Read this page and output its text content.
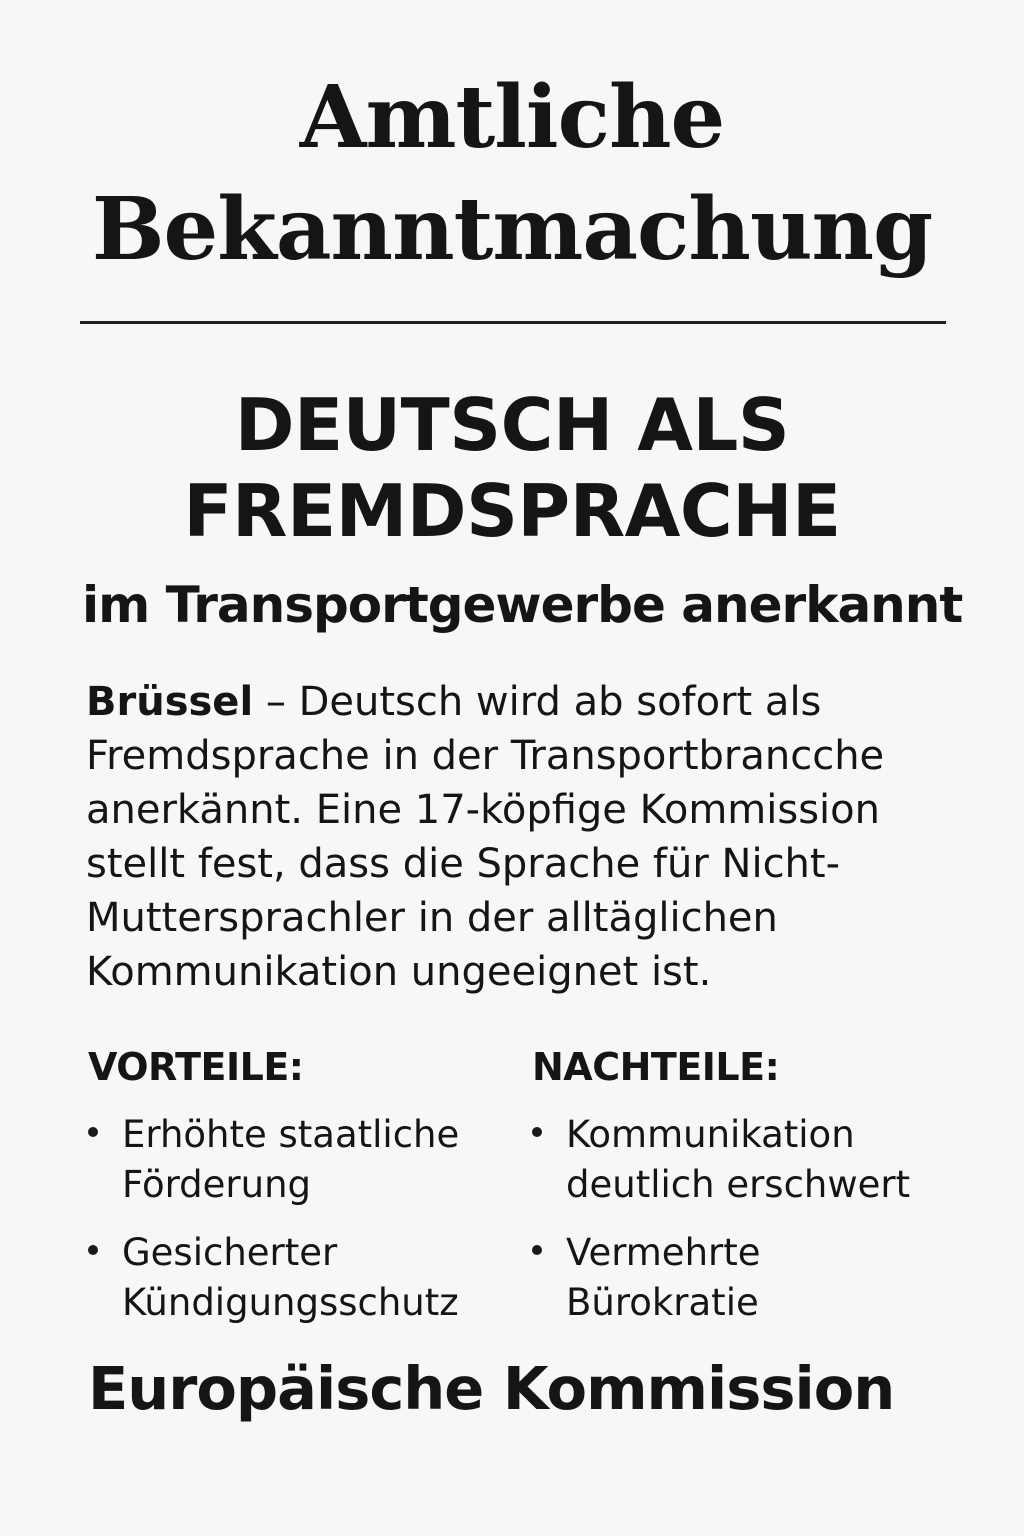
Amtliche
Bekanntmachung
DEUTSCH ALS
FREMDSPRACHE
im Transportgewerbe anerkannt

Brüssel – Deutsch wird ab sofort als
Fremdsprache in der Transportbrancche
anerkännt. Eine 17-köpfige Kommission
stellt fest, dass die Sprache für Nicht-
Muttersprachler in der alltäglichen
Kommunikation ungeeignet ist.

VORTEILE:
Erhöhte staatliche
Förderung
Gesicherter
Kündigungsschutz
NACHTEILE:
Kommunikation
deutlich erschwert
Vermehrte
Bürokratie

Europäische Kommission
